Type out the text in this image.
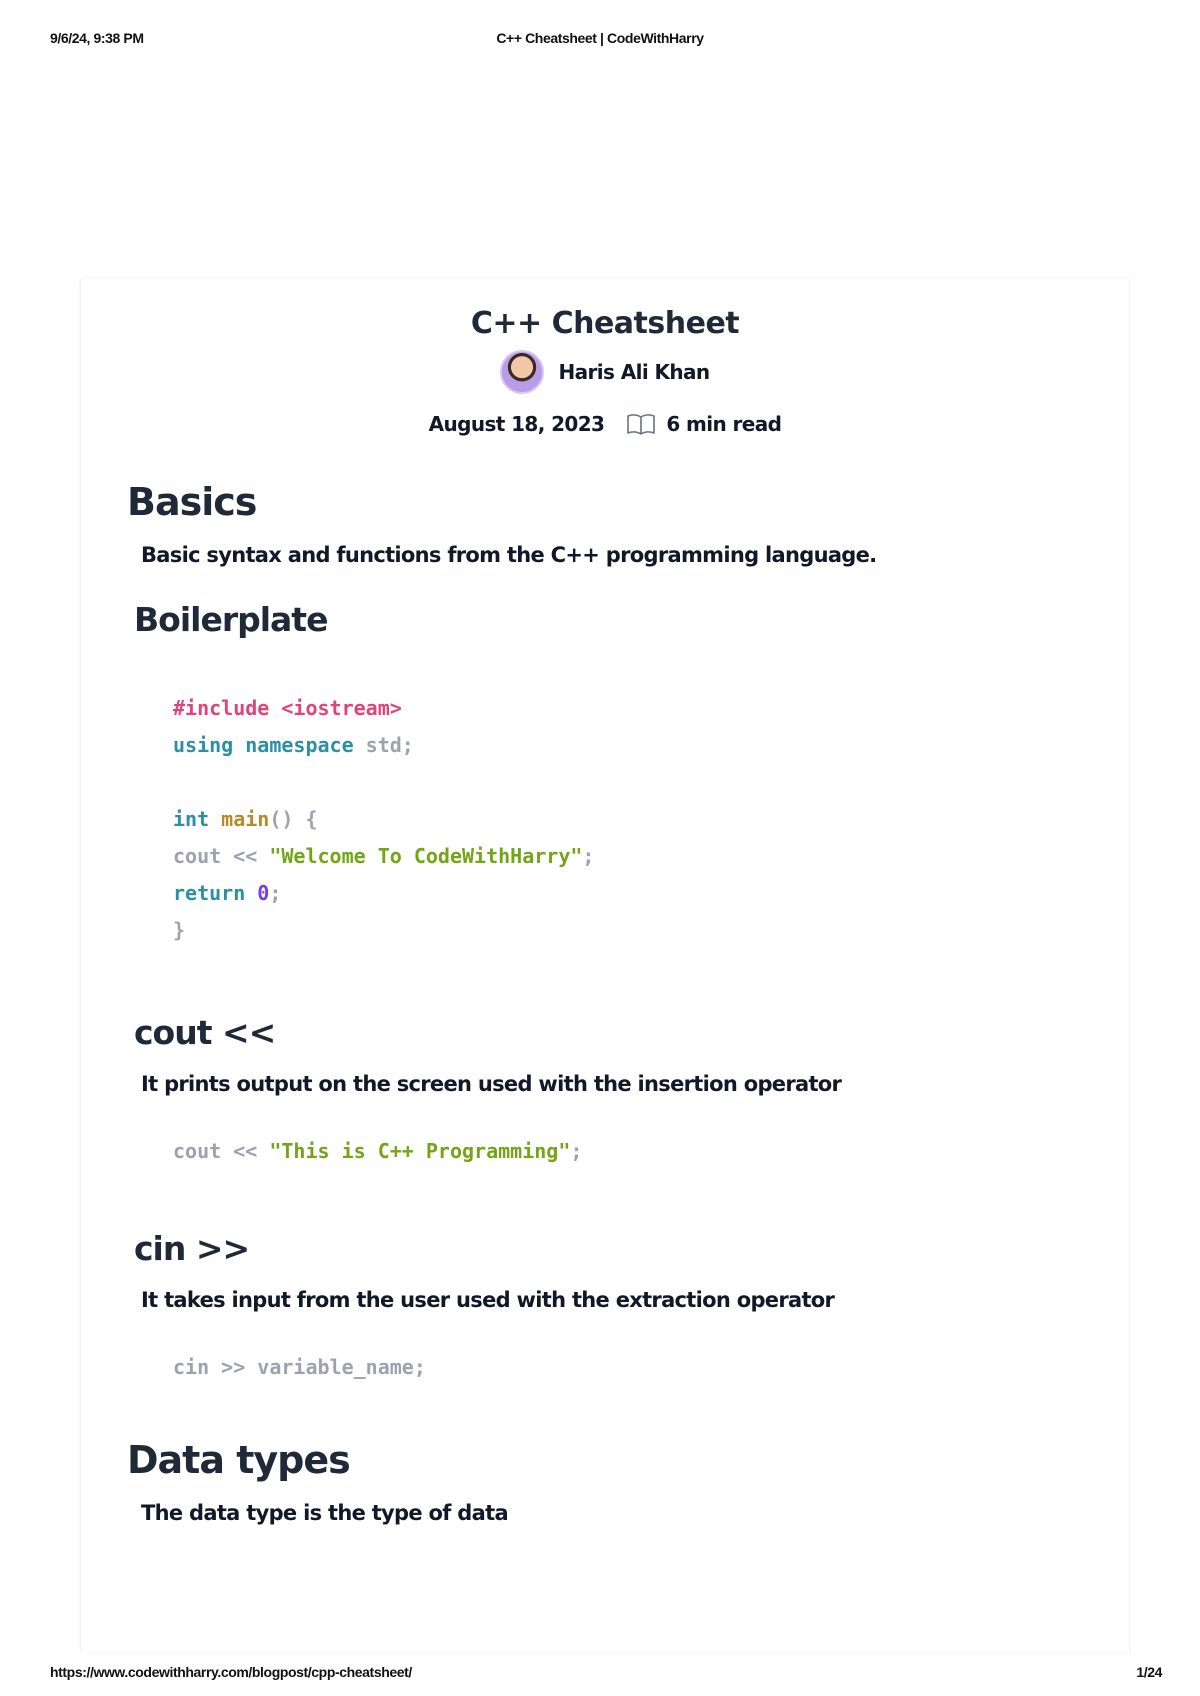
9/6/24, 9:38 PM	C++ Cheatsheet | CodeWithHarry
C++ Cheatsheet
Haris Ali Khan
August 18, 2023	6 min read
Basics

Basic syntax and functions from the C++ programming language.

Boilerplate
#include <iostream>
using namespace std;

int main() {
cout << "Welcome To CodeWithHarry";
return 0;
}
cout <<

It prints output on the screen used with the insertion operator

cout << "This is C++ Programming";
cin >>

It takes input from the user used with the extraction operator

cin >> variable_name;
Data types

The data type is the type of data

https://www.codewithharry.com/blogpost/cpp-cheatsheet/	1/24
